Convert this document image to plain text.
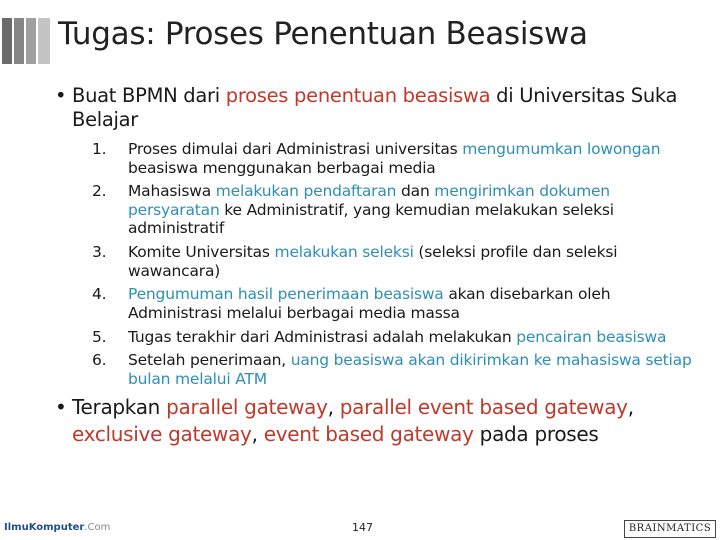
Tugas: Proses Penentuan Beasiswa
• Buat BPMN dari proses penentuan beasiswa di Universitas Suka Belajar
1. Proses dimulai dari Administrasi universitas mengumumkan lowongan beasiswa menggunakan berbagai media
2. Mahasiswa melakukan pendaftaran dan mengirimkan dokumen persyaratan ke Administratif, yang kemudian melakukan seleksi administratif
3. Komite Universitas melakukan seleksi (seleksi profile dan seleksi wawancara)
4. Pengumuman hasil penerimaan beasiswa akan disebarkan oleh Administrasi melalui berbagai media massa
5. Tugas terakhir dari Administrasi adalah melakukan pencairan beasiswa
6. Setelah penerimaan, uang beasiswa akan dikirimkan ke mahasiswa setiap bulan melalui ATM
• Terapkan parallel gateway, parallel event based gateway, exclusive gateway, event based gateway pada proses
IlmuKomputer.Com	147	BRAINMATICS
